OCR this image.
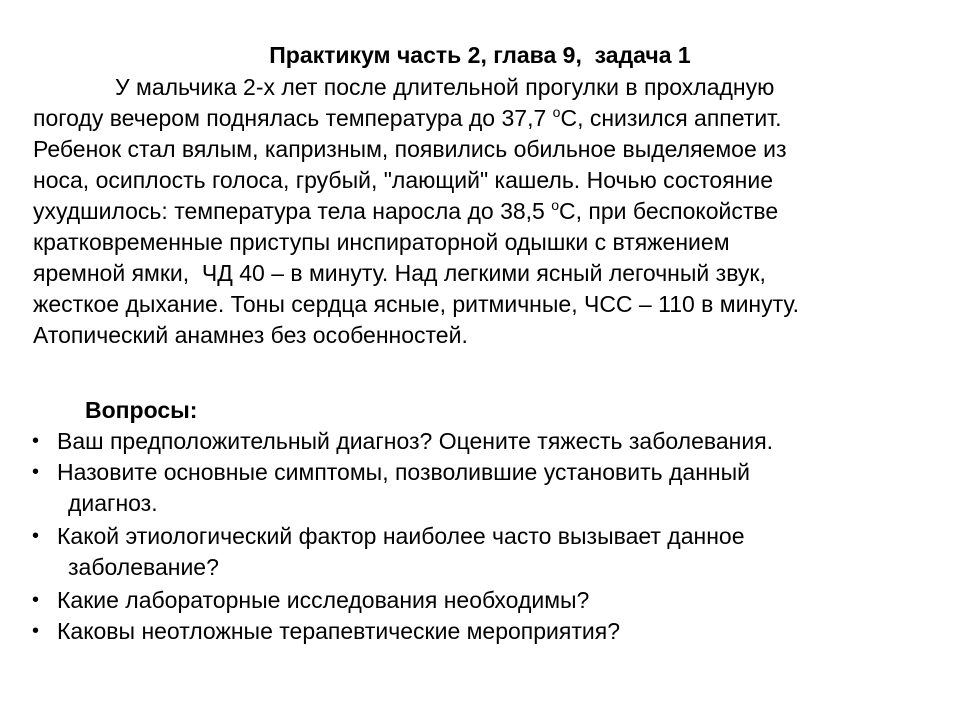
Практикум часть 2, глава 9,  задача 1
У мальчика 2-х лет после длительной прогулки в прохладную
погоду вечером поднялась температура до 37,7 $^о$С, снизился аппетит.
Ребенок стал вялым, капризным, появились обильное выделяемое из
носа, осиплость голоса, грубый, "лающий" кашель. Ночью состояние
ухудшилось: температура тела наросла до 38,5 $^о$С, при беспокойстве
кратковременные приступы инспираторной одышки с втяжением
яремной ямки,  ЧД 40 – в минуту. Над легкими ясный легочный звук,
жесткое дыхание. Тоны сердца ясные, ритмичные, ЧСС – 110 в минуту.
Атопический анамнез без особенностей.
Вопросы:
• Ваш предположительный диагноз? Оцените тяжесть заболевания.
• Назовите основные симптомы, позволившие установить данный
диагноз.
• Какой этиологический фактор наиболее часто вызывает данное
заболевание?
• Какие лабораторные исследования необходимы?
• Каковы неотложные терапевтические мероприятия?
